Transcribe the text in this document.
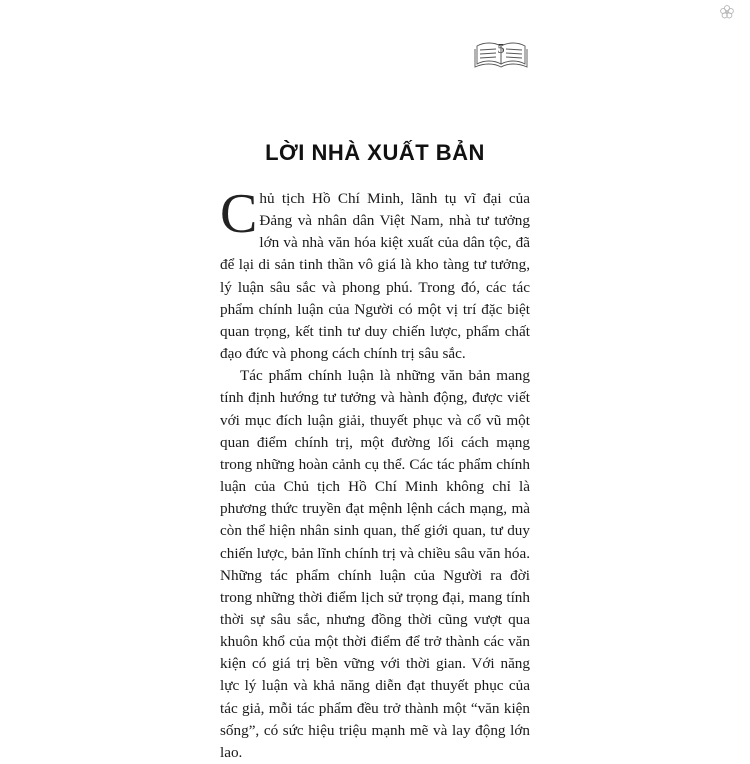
5
LỜI NHÀ XUẤT BẢN

Chủ tịch Hồ Chí Minh, lãnh tụ vĩ đại của Đảng và nhân dân Việt Nam, nhà tư tưởng lớn và nhà văn hóa kiệt xuất của dân tộc, đã để lại di sản tinh thần vô giá là kho tàng tư tưởng, lý luận sâu sắc và phong phú. Trong đó, các tác phẩm chính luận của Người có một vị trí đặc biệt quan trọng, kết tinh tư duy chiến lược, phẩm chất đạo đức và phong cách chính trị sâu sắc.

Tác phẩm chính luận là những văn bản mang tính định hướng tư tưởng và hành động, được viết với mục đích luận giải, thuyết phục và cổ vũ một quan điểm chính trị, một đường lối cách mạng trong những hoàn cảnh cụ thể. Các tác phẩm chính luận của Chủ tịch Hồ Chí Minh không chỉ là phương thức truyền đạt mệnh lệnh cách mạng, mà còn thể hiện nhân sinh quan, thế giới quan, tư duy chiến lược, bản lĩnh chính trị và chiều sâu văn hóa. Những tác phẩm chính luận của Người ra đời trong những thời điểm lịch sử trọng đại, mang tính thời sự sâu sắc, nhưng đồng thời cũng vượt qua khuôn khổ của một thời điểm để trở thành các văn kiện có giá trị bền vững với thời gian. Với năng lực lý luận và khả năng diễn đạt thuyết phục của tác giả, mỗi tác phẩm đều trở thành một “văn kiện sống”, có sức hiệu triệu mạnh mẽ và lay động lớn lao.
